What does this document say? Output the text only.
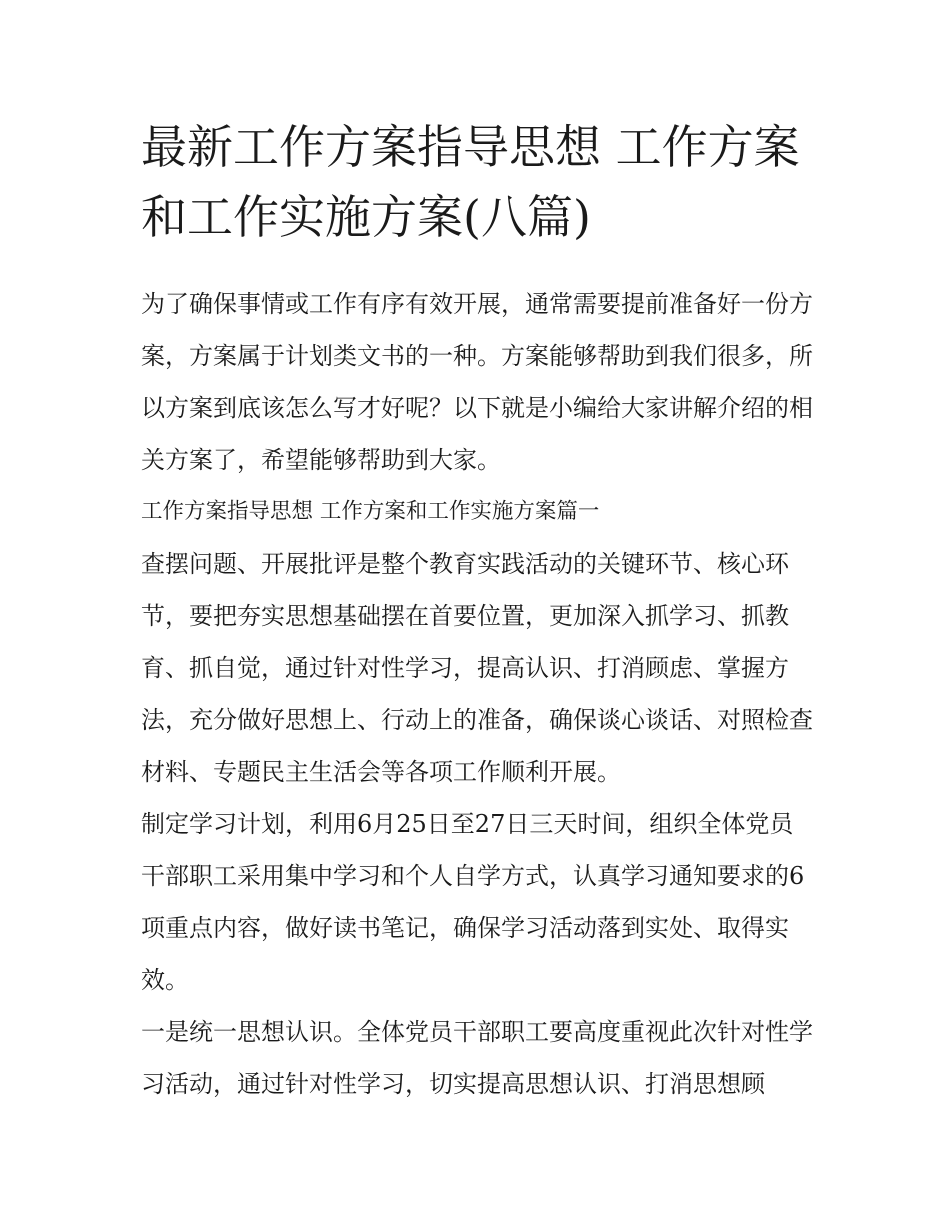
最新工作方案指导思想 工作方案和工作实施方案(八篇)

为了确保事情或工作有序有效开展，通常需要提前准备好一份方案，方案属于计划类文书的一种。方案能够帮助到我们很多，所以方案到底该怎么写才好呢？以下就是小编给大家讲解介绍的相关方案了，希望能够帮助到大家。

工作方案指导思想 工作方案和工作实施方案篇一

查摆问题、开展批评是整个教育实践活动的关键环节、核心环节，要把夯实思想基础摆在首要位置，更加深入抓学习、抓教育、抓自觉，通过针对性学习，提高认识、打消顾虑、掌握方法，充分做好思想上、行动上的准备，确保谈心谈话、对照检查材料、专题民主生活会等各项工作顺利开展。

制定学习计划，利用6月25日至27日三天时间，组织全体党员干部职工采用集中学习和个人自学方式，认真学习通知要求的6项重点内容，做好读书笔记，确保学习活动落到实处、取得实效。

一是统一思想认识。全体党员干部职工要高度重视此次针对性学习活动，通过针对性学习，切实提高思想认识、打消思想顾
